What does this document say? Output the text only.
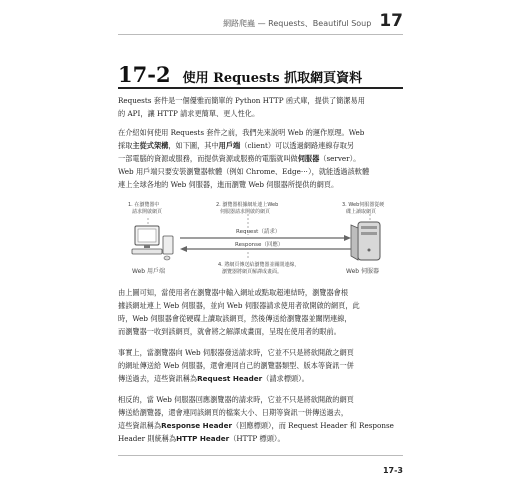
網路爬蟲 — Requests、Beautiful Soup 17
17-2 使用 Requests 抓取網頁資料

Requests 套件是一個優雅而簡單的 Python HTTP 函式庫，提供了簡潔易用
的 API，讓 HTTP 請求更簡單、更人性化。

在介紹如何使用 Requests 套件之前，我們先來說明 Web 的運作原理。Web
採取主從式架構，如下圖，其中用戶端（client）可以透過網路連線存取另
一部電腦的資源或服務，而提供資源或服務的電腦就叫做伺服器（server）。
Web 用戶端只要安裝瀏覽器軟體（例如 Chrome、Edge⋯），就能透過該軟體
連上全球各地的 Web 伺服器，進而瀏覽 Web 伺服器所提供的網頁。

1. 在瀏覽器中
請求開啟網頁
2. 瀏覽器根據網址連上Web
伺服器請求開啟的網頁
3. Web伺服器從硬
碟上讀取網頁
Request（請求）
Response（回應）
4. 將網頁傳送給瀏覽器並關閉連線，
瀏覽器將網頁解譯成畫面。
Web 用戶端	Web 伺服器

由上圖可知，當使用者在瀏覽器中輸入網址或點取超連結時，瀏覽器會根
據該網址連上 Web 伺服器，並向 Web 伺服器請求使用者欲開啟的網頁，此
時，Web 伺服器會從硬碟上讀取該網頁，然後傳送給瀏覽器並關閉連線，
而瀏覽器一收到該網頁，就會將之解譯成畫面，呈現在使用者的眼前。

事實上，當瀏覽器向 Web 伺服器發送請求時，它並不只是將欲開啟之網頁
的網址傳送給 Web 伺服器，還會連同自己的瀏覽器類型、版本等資訊一併
傳送過去，這些資訊稱為Request Header（請求標頭）。

相反的，當 Web 伺服器回應瀏覽器的請求時，它並不只是將欲開啟的網頁
傳送給瀏覽器，還會連同該網頁的檔案大小、日期等資訊一併傳送過去，
這些資訊稱為Response Header（回應標頭），而 Request Header 和 Response
Header 則統稱為HTTP Header（HTTP 標頭）。

17-3
